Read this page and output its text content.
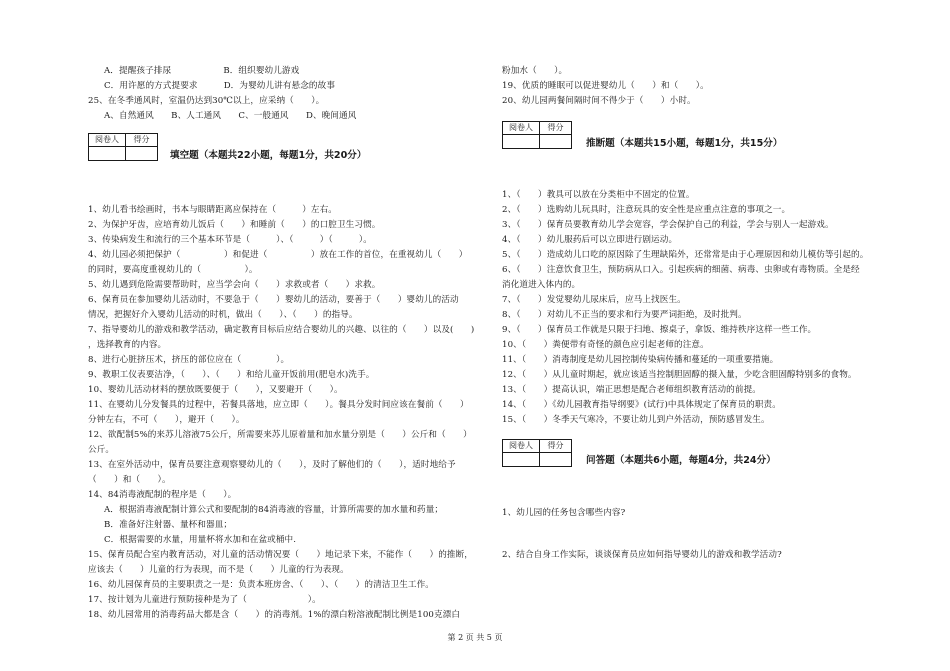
A．提醒孩子排尿　　　　　　B．组织婴幼儿游戏
C．用许愿的方式提要求　　　D．为婴幼儿讲有悬念的故事
25、在冬季通风时，室温仍达到30℃以上，应采纳（　　）。
A、自然通风　　B、人工通风　　C、一般通风　　D、晚间通风
阅卷人	得分
填空题（本题共22小题，每题1分，共20分）
1、幼儿看书绘画时，书本与眼睛距离应保持在（　　　）左右。
2、为保护牙齿，应培育幼儿饭后（　　）和睡前（　　）的口腔卫生习惯。
3、传染病发生和流行的三个基本环节是（　　　）、（　　　）（　　　）。
4、幼儿园必须把保护（　　　　　）和促进（　　　　　）放在工作的首位，在重视幼儿（　　）
的同时，要高度重视幼儿的（　　　　　）。
5、幼儿遇到危险需要帮助时，应当学会向（　　）求救或者（　　）求救。
6、保育员在参加婴幼儿活动时，不要急于（　　）婴幼儿的活动，要善于（　　）婴幼儿的活动
情况，把握好介入婴幼儿活动的时机，做出（　　）、（　　）的指导。
7、指导婴幼儿的游戏和教学活动，确定教育目标后应结合婴幼儿的兴趣、以往的（　　）以及(　　)
，选择教育的内容。
8、进行心脏挤压术，挤压的部位应在（　　　　）。
9、教职工仪表要洁净，（　　）、（　　）和给儿童开饭前用(肥皂水)洗手。
10、婴幼儿活动材料的摆放既要便于（　　），又要避开（　　）。
11、在婴幼儿分发餐具的过程中，若餐具落地，应立即（　　）。餐具分发时间应该在餐前（　　）
分钟左右，不可（　　），避开（　　）。
12、欲配制5%的来苏儿溶液75公斤，所需要来苏儿原着量和加水量分别是（　　）公斤和（　　）
公斤。
13、在室外活动中，保育员要注意观察婴幼儿的（　　），及时了解他们的（　　），适时地给予
（　　）和（　　）。
14、84消毒液配制的程序是（　　）。
A．根据消毒液配制计算公式和要配制的84消毒液的容量，计算所需要的加水量和药量；
B．准备好注射器、量杯和器皿；
C．根据需要的水量，用量杯将水加和在盆或桶中.
15、保育员配合室内教育活动，对儿童的活动情况要（　　）地记录下来，不能作（　　）的推断，
应该去（　　）儿童的行为表现，而不是（　　）儿童的行为表现。
16、幼儿园保育员的主要职责之一是：负责本班房舍、（　　）、（　　）的清洁卫生工作。
17、按计划为儿童进行预防接种是为了（　　　　　　　）。
18、幼儿园常用的消毒药品大都是含（　　）的消毒剂。1%的漂白粉溶液配制比例是100克漂白
粉加水（　　）。
19、优质的睡眠可以促进婴幼儿（　　）和（　　）。
20、幼儿园两餐间隔时间不得少于（　　）小时。
阅卷人	得分
推断题（本题共15小题，每题1分，共15分）
1、（　　）教具可以放在分类柜中不固定的位置。
2、（　　）选购幼儿玩具时，注意玩具的安全性是应重点注意的事项之一。
3、（　　）保育员要教育幼儿学会宽容，学会保护自己的利益，学会与别人一起游戏。
4、（　　）幼儿服药后可以立即进行剧运动。
5、（　　）造成幼儿口吃的原因除了生理缺陷外，还常常是由于心理原因和幼儿模仿等引起的。
6、（　　）注意饮食卫生，预防病从口入。引起疾病的细菌、病毒、虫卵或有毒物质。全是经
消化道进入体内的。
7、（　　）发觉婴幼儿尿床后，应马上找医生。
8、（　　）对幼儿不正当的要求和行为要严词拒绝，及时批判。
9、（　　）保育员工作就是只限于扫地、擦桌子，拿饭、维持秩序这样一些工作。
10、（　　）粪便带有奇怪的颜色应引起老师的注意。
11、（　　）消毒制度是幼儿园控制传染病传播和蔓延的一项重要措施。
12、（　　）从儿童时期起，就应该适当控制胆固醇的摄入量，少吃含胆固醇特别多的食物。
13、（　　）提高认识，端正思想是配合老师组织教育活动的前提。
14、（　　）《幼儿园教育指导纲要》(试行)中具体规定了保育员的职责。
15、（　　）冬季天气寒冷，不要让幼儿到户外活动，预防感冒发生。
阅卷人	得分
问答题（本题共6小题，每题4分，共24分）
1、幼儿园的任务包含哪些内容?
2、结合自身工作实际，谈谈保育员应如何指导婴幼儿的游戏和教学活动?
第 2 页 共 5 页
